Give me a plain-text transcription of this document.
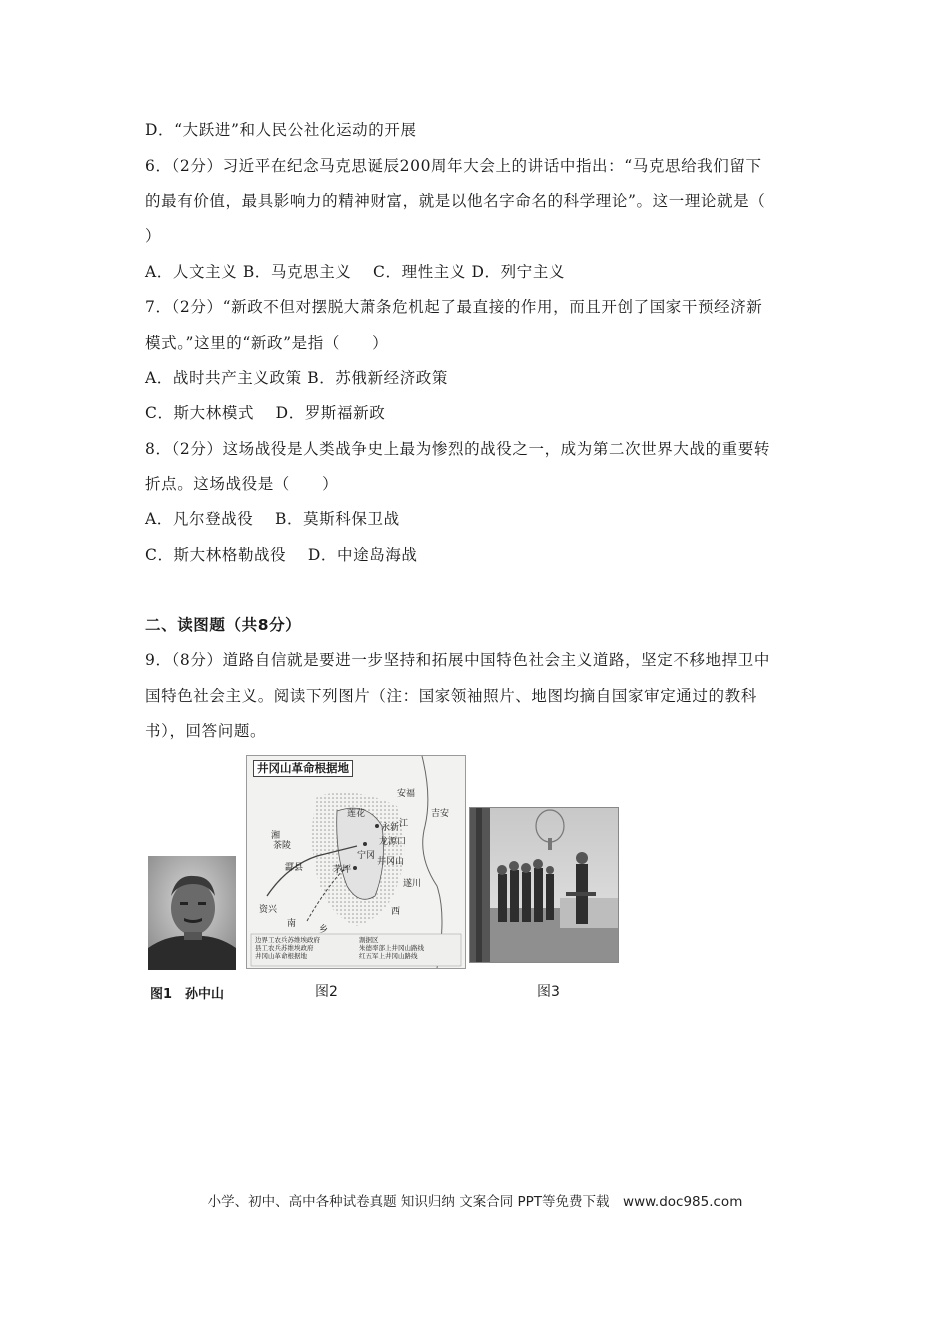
D．“大跃进”和人民公社化运动的开展
6．（2分）习近平在纪念马克思诞辰200周年大会上的讲话中指出：“马克思给我们留下
的最有价值，最具影响力的精神财富，就是以他名字命名的科学理论”。这一理论就是（
）
A．人文主义 B．马克思主义　 C．理性主义 D．列宁主义
7．（2分）“新政不但对摆脱大萧条危机起了最直接的作用，而且开创了国家干预经济新
模式。”这里的“新政”是指（　　）
A．战时共产主义政策 B．苏俄新经济政策
C．斯大林模式　 D．罗斯福新政
8．（2分）这场战役是人类战争史上最为惨烈的战役之一，成为第二次世界大战的重要转
折点。这场战役是（　　）
A．凡尔登战役　 B．莫斯科保卫战
C．斯大林格勒战役　 D．中途岛海战
二、读图题（共8分）
9．（8分）道路自信就是要进一步坚持和拓展中国特色社会主义道路，坚定不移地捍卫中
国特色社会主义。阅读下列图片（注：国家领袖照片、地图均摘自国家审定通过的教科
书），回答问题。
井冈山革命根据地
安福
吉安
江
莲花
永新
龙源口
酃县
宁冈
茅坪
井冈山
茶陵
遂川
资兴	西
南
湘
乡
边界工农兵苏维埃政府
县工农兵苏维埃政府
井冈山革命根据地
割据区
朱德率部上井冈山路线
红五军上井冈山路线
图1　孙中山	图2	图3
小学、初中、高中各种试卷真题 知识归纳 文案合同 PPT等免费下载　www.doc985.com
